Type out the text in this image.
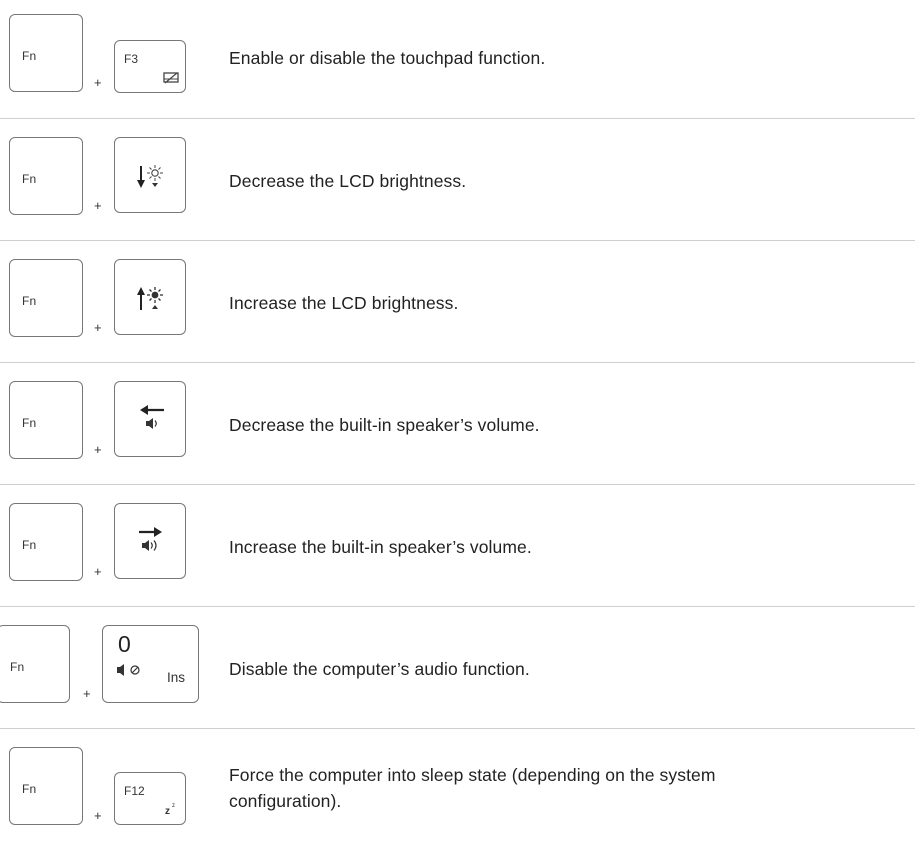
Fn
+
F3	Enable or disable the touchpad function.
Fn
+
Decrease the LCD brightness.
Fn
+
Increase the LCD brightness.
Fn
+
Decrease the built-in speaker’s volume.
Fn
+
Increase the built-in speaker’s volume.
Fn
+
0
Ins	Disable the computer’s audio function.
Fn
+
F12
z z
Force the computer into sleep state (depending on the system
configuration).
